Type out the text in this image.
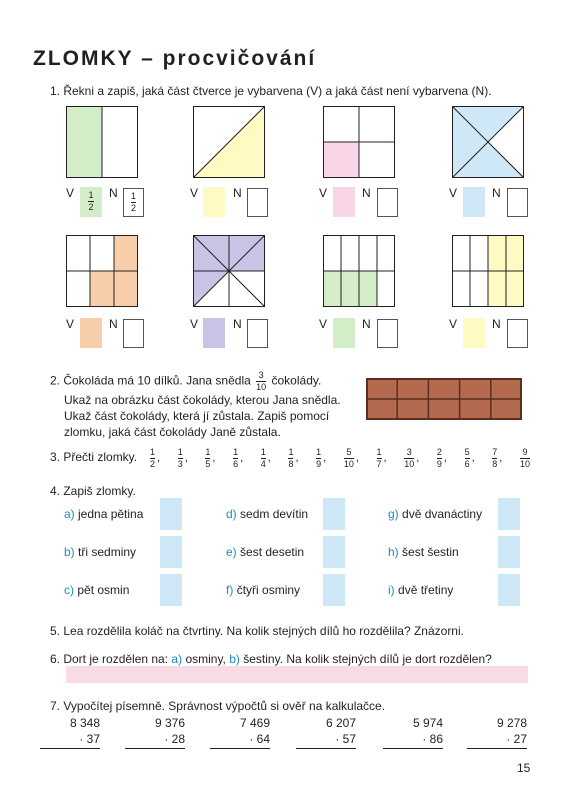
ZLOMKY – procvičování
1. Řekni a zapiš, jaká část čtverce je vybarvena (V) a jaká část není vybarvena (N).
V $\frac{1}{2}$ N $\frac{1}{2}$	V	N	V	N	V	N
V	N	V	N	V	N	V	N
2. Čokoláda má 10 dílků. Jana snědla $\frac{3}{10}$ čokolády.
Ukaž na obrázku část čokolády, kterou Jana snědla.
Ukaž část čokolády, která jí zůstala. Zapiš pomocí
zlomku, jaká část čokolády Janě zůstala.
3. Přečti zlomky. $\frac{1}{2}$ , $\frac{1}{3}$ , $\frac{1}{5}$ , $\frac{1}{6}$ , $\frac{1}{4}$ , $\frac{1}{8}$ , $\frac{1}{9}$ , $\frac{5}{10}$ , $\frac{1}{7}$ , $\frac{3}{10}$ , $\frac{2}{9}$ , $\frac{5}{6}$ , $\frac{7}{8}$ , $\frac{9}{10}$
4. Zapiš zlomky.
a) jedna pětina
b) tři sedminy
c) pět osmin
d) sedm devítin
e) šest desetin
f) čtyři osminy
g) dvě dvanáctiny
h) šest šestin
i) dvě třetiny
5. Lea rozdělila koláč na čtvrtiny. Na kolik stejných dílů ho rozdělila? Znázorni.
6. Dort je rozdělen na: a) osminy, b) šestiny. Na kolik stejných dílů je dort rozdělen?
7. Vypočítej písemně. Správnost výpočtů si ověř na kalkulačce.
8 348
· 37
9 376
· 28
7 469
· 64
6 207
· 57
5 974
· 86
9 278
· 27
15
